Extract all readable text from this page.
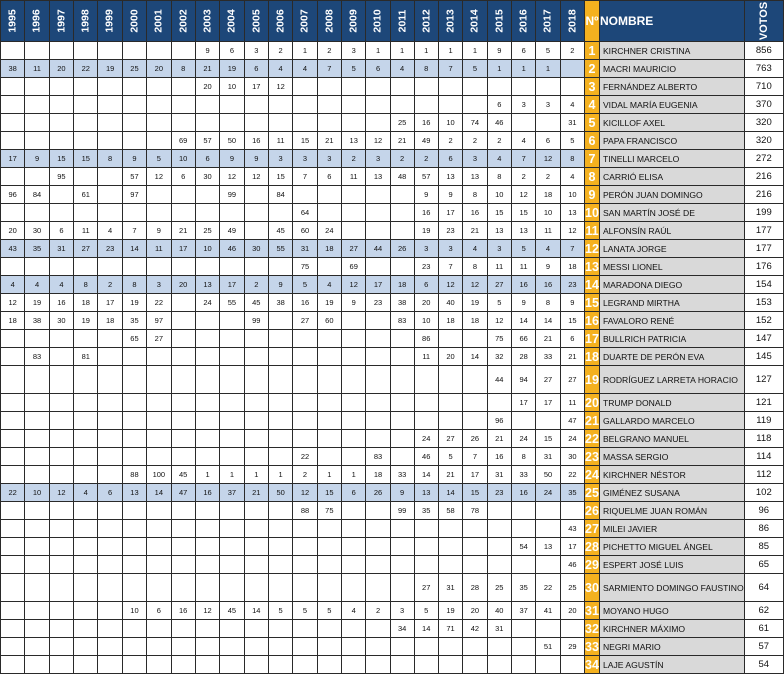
1995	1996	1997	1998	1999	2000	2001	2002	2003	2004	2005	2006	2007	2008	2009	2010	2011	2012	2013	2014	2015	2016	2017	2018	Nº	NOMBRE	VOTOS
								9	6	3	2	1	2	3	1	1	1	1	1	9	6	5	2	1	KIRCHNER CRISTINA	856
38	11	20	22	19	25	20	8	21	19	6	4	4	7	5	6	4	8	7	5	1	1	1		2	MACRI MAURICIO	763
								20	10	17	12													3	FERNÁNDEZ ALBERTO	710
																				6	3	3	4	4	VIDAL MARÍA EUGENIA	370
																25	16	10	74	46			31	5	KICILLOF AXEL	320
							69	57	50	16	11	15	21	13	12	21	49	2	2	2	4	6	5	6	PAPA FRANCISCO	320
17	9	15	15	8	9	5	10	6	9	9	3	3	3	2	3	2	2	6	3	4	7	12	8	7	TINELLI MARCELO	272
		95			57	12	6	30	12	12	15	7	6	11	13	48	57	13	13	8	2	2	4	8	CARRIÓ ELISA	216
96	84		61		97				99		84						9	9	8	10	12	18	10	9	PERÓN JUAN DOMINGO	216
												64					16	17	16	15	15	10	13	10	SAN MARTÍN JOSÉ DE	199
20	30	6	11	4	7	9	21	25	49		45	60	24				19	23	21	13	13	11	12	11	ALFONSÍN RAÚL	177
43	35	31	27	23	14	11	17	10	46	30	55	31	18	27	44	26	3	3	4	3	5	4	7	12	LANATA JORGE	177
												75		69			23	7	8	11	11	9	18	13	MESSI LIONEL	176
4	4	4	8	2	8	3	20	13	17	2	9	5	4	12	17	18	6	12	12	27	16	16	23	14	MARADONA DIEGO	154
12	19	16	18	17	19	22		24	55	45	38	16	19	9	23	38	20	40	19	5	9	8	9	15	LEGRAND MIRTHA	153
18	38	30	19	18	35	97				99		27	60			83	10	18	18	12	14	14	15	16	FAVALORO RENÉ	152
					65	27											86			75	66	21	6	17	BULLRICH PATRICIA	147
	83		81														11	20	14	32	28	33	21	18	DUARTE DE PERÓN EVA	145
																				44	94	27	27	19	RODRÍGUEZ LARRETA HORACIO	127
																					17	17	11	20	TRUMP DONALD	121
																				96			47	21	GALLARDO MARCELO	119
																	24	27	26	21	24	15	24	22	BELGRANO MANUEL	118
												22			83		46	5	7	16	8	31	30	23	MASSA SERGIO	114
					88	100	45	1	1	1	1	2	1	1	18	33	14	21	17	31	33	50	22	24	KIRCHNER NÉSTOR	112
22	10	12	4	6	13	14	47	16	37	21	50	12	15	6	26	9	13	14	15	23	16	24	35	25	GIMÉNEZ SUSANA	102
												88	75			99	35	58	78					26	RIQUELME JUAN ROMÁN	96
																							43	27	MILEI JAVIER	86
																					54	13	17	28	PICHETTO MIGUEL ÁNGEL	85
																							46	29	ESPERT JOSÉ LUIS	65
																	27	31	28	25	35	22	25	30	SARMIENTO DOMINGO FAUSTINO	64
					10	6	16	12	45	14	5	5	5	4	2	3	5	19	20	40	37	41	20	31	MOYANO HUGO	62
																34	14	71	42	31				32	KIRCHNER MÁXIMO	61
																						51	29	33	NEGRI MARIO	57
																								34	LAJE AGUSTÍN	54
